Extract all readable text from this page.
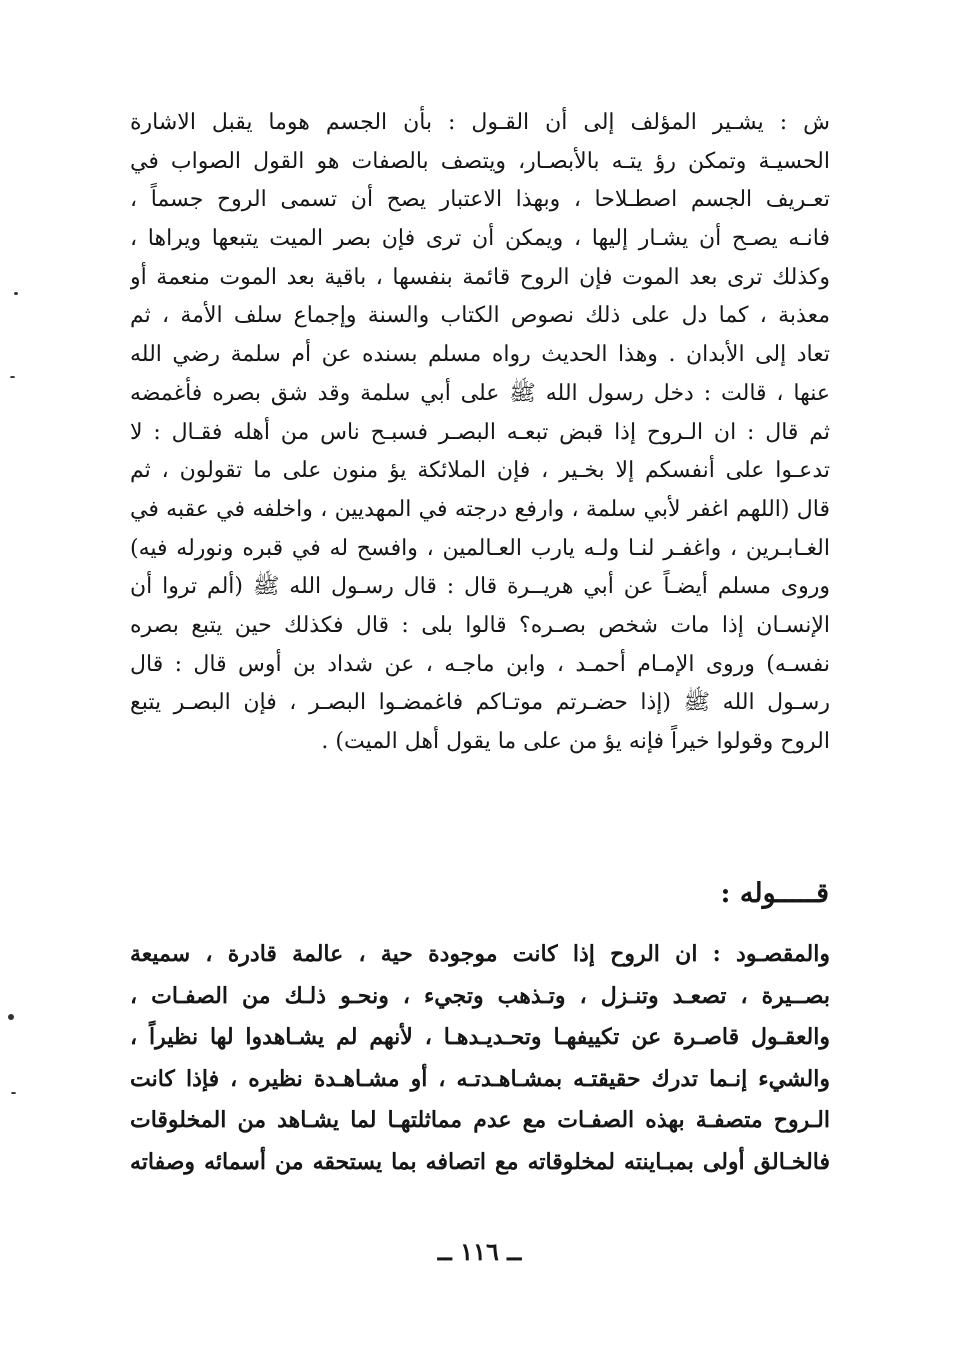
ش : يشـير المؤلف إلى أن القـول : بأن الجسم هوما يقبل الاشارة
الحسيـة وتمكن رؤ يتـه بالأبصـار، ويتصف بالصفات هو القول الصواب في
تعـريف الجسم اصطـلاحا ، وبهذا الاعتبار يصح أن تسمى الروح جسماً ،
فانـه يصـح أن يشـار إليها ، ويمكن أن ترى فإن بصر الميت يتبعها ويراها ،
وكذلك ترى بعد الموت فإن الروح قائمة بنفسها ، باقية بعد الموت منعمة أو
معذبة ، كما دل على ذلك نصوص الكتاب والسنة وإجماع سلف الأمة ، ثم
تعاد إلى الأبدان . وهذا الحديث رواه مسلم بسنده عن أم سلمة رضي الله
عنها ، قالت : دخل رسول الله ﷺ على أبي سلمة وقد شق بصره فأغمضه
ثم قال : ان الـروح إذا قبض تبعـه البصـر فسبـح ناس من أهله فقـال : لا
تدعـوا على أنفسكم إلا بخـير ، فإن الملائكة يؤ منون على ما تقولون ، ثم
قال (اللهم اغفر لأبي سلمة ، وارفع درجته في المهديين ، واخلفه في عقبه في
الغـابـرين ، واغفـر لنـا ولـه يارب العـالمين ، وافسح له في قبره ونورله فيه)
وروى مسلم أيضـاً عن أبي هريــرة قال : قال رسـول الله ﷺ (ألم تروا أن
الإنسـان إذا مات شخص بصـره؟ قالوا بلى : قال فكذلك حين يتبع بصره
نفسـه) وروى الإمـام أحمـد ، وابن ماجـه ، عن شداد بن أوس قال : قال
رسـول الله ﷺ (إذا حضـرتم موتـاكم فاغمضـوا البصـر ، فإن البصـر يتبع
الروح وقولوا خيراً فإنه يؤ من على ما يقول أهل الميت) .
قـــــوله :
والمقصـود : ان الروح إذا كانت موجودة حية ، عالمة قادرة ، سميعة
بصــيرة ، تصعـد وتنـزل ، وتـذهب وتجيء ، ونحـو ذلـك من الصفـات ،
والعقـول قاصـرة عن تكييفهـا وتحـديـدهـا ، لأنهم لم يشـاهدوا لها نظيراً ،
والشيء إنـما تدرك حقيقتـه بمشـاهـدتـه ، أو مشـاهـدة نظيره ، فإذا كانت
الـروح متصفـة بهذه الصفـات مع عدم مماثلتهـا لما يشـاهد من المخلوقات
فالخـالق أولى بمبـاينته لمخلوقاته مع اتصافه بما يستحقه من أسمائه وصفاته
ــ ١١٦ ــ
